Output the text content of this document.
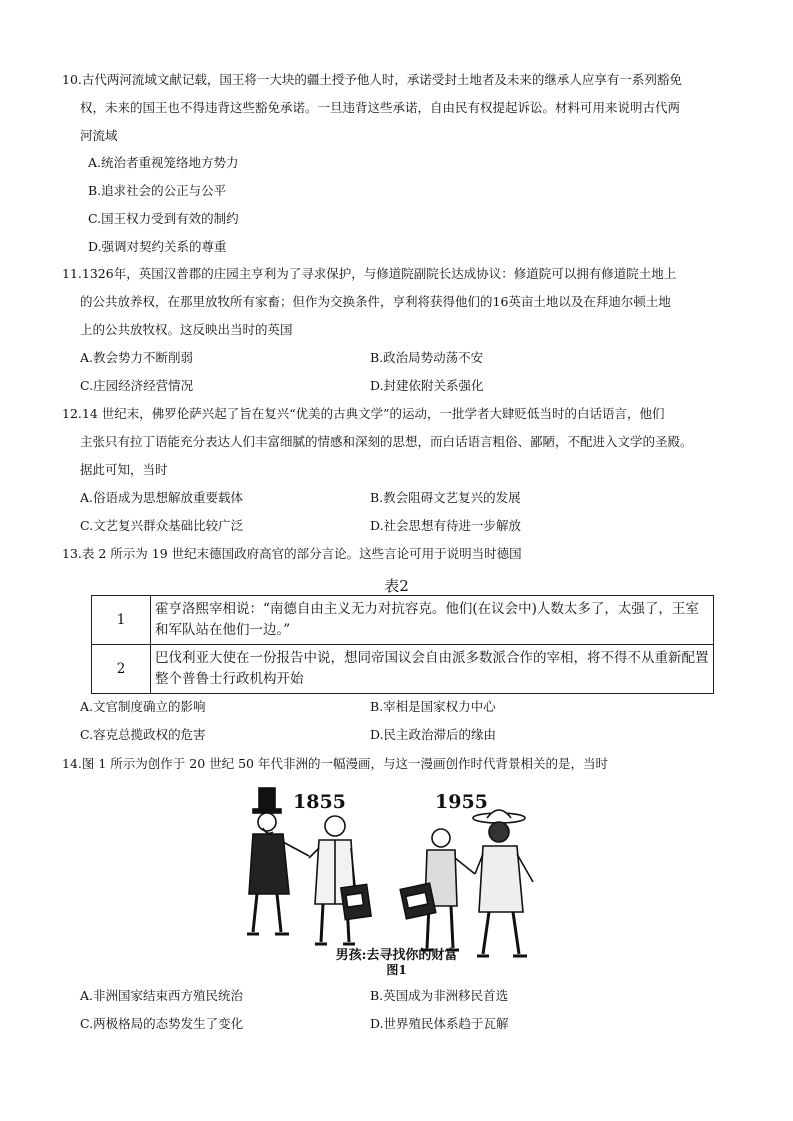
10.古代两河流域文献记载，国王将一大块的疆土授予他人时，承诺受封土地者及未来的继承人应享有一系列豁免
权，未来的国王也不得违背这些豁免承诺。一旦违背这些承诺，自由民有权提起诉讼。材料可用来说明古代两
河流域
A.统治者重视笼络地方势力
B.追求社会的公正与公平
C.国王权力受到有效的制约
D.强调对契约关系的尊重
11.1326年，英国汉普郡的庄园主亨利为了寻求保护，与修道院副院长达成协议：修道院可以拥有修道院土地上
的公共放养权，在那里放牧所有家畜；但作为交换条件，亨利将获得他们的16英亩土地以及在拜迪尔顿土地
上的公共放牧权。这反映出当时的英国
A.教会势力不断削弱	B.政治局势动荡不安
C.庄园经济经营情况	D.封建依附关系强化
12.14 世纪末，佛罗伦萨兴起了旨在复兴“优美的古典文学”的运动，一批学者大肆贬低当时的白话语言，他们
主张只有拉丁语能充分表达人们丰富细腻的情感和深刻的思想，而白话语言粗俗、鄙陋，不配进入文学的圣殿。
据此可知，当时
A.俗语成为思想解放重要载体	B.教会阻碍文艺复兴的发展
C.文艺复兴群众基础比较广泛	D.社会思想有待进一步解放
13.表 2 所示为 19 世纪末德国政府高官的部分言论。这些言论可用于说明当时德国
表2
1	霍亨洛熙宰相说：“南德自由主义无力对抗容克。他们(在议会中)人数太多了，太强了，王室和军队站在他们一边。”
2	巴伐利亚大使在一份报告中说，想同帝国议会自由派多数派合作的宰相，将不得不从重新配置整个普鲁士行政机构开始
A.文官制度确立的影响	B.宰相是国家权力中心
C.容克总揽政权的危害	D.民主政治滞后的缘由
14.图 1 所示为创作于 20 世纪 50 年代非洲的一幅漫画，与这一漫画创作时代背景相关的是，当时
1855	1955
男孩:去寻找你的财富
图1
A.非洲国家结束西方殖民统治	B.英国成为非洲移民首选
C.两极格局的态势发生了变化	D.世界殖民体系趋于瓦解
